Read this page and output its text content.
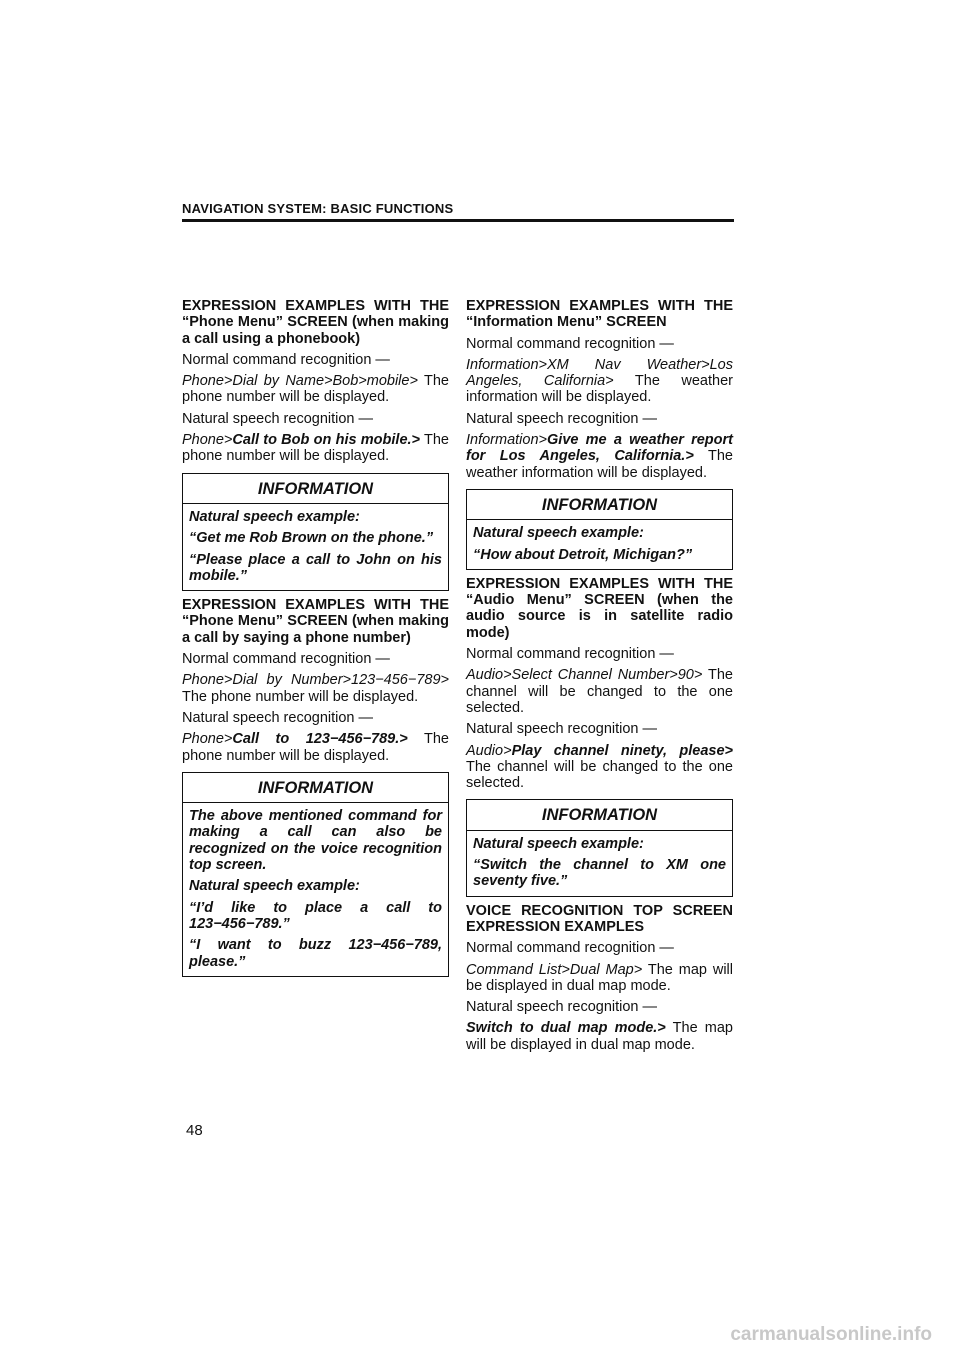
NAVIGATION SYSTEM: BASIC FUNCTIONS
EXPRESSION EXAMPLES WITH THE “Phone Menu” SCREEN (when making a call using a phonebook)
Normal command recognition —
Phone>Dial by Name>Bob>mobile> The phone number will be displayed.
Natural speech recognition —
Phone>Call to Bob on his mobile.> The phone number will be displayed.
INFORMATION
Natural speech example:
“Get me Rob Brown on the phone.”
“Please place a call to John on his mobile.”
EXPRESSION EXAMPLES WITH THE “Phone Menu” SCREEN (when making a call by saying a phone number)
Normal command recognition —
Phone>Dial by Number>123−456−789> The phone number will be displayed.
Natural speech recognition —
Phone>Call to 123−456−789.> The phone number will be displayed.
INFORMATION
The above mentioned command for making a call can also be recognized on the voice recognition top screen.
Natural speech example:
“I’d like to place a call to 123−456−789.”
“I want to buzz 123−456−789, please.”
EXPRESSION EXAMPLES WITH THE “Information Menu” SCREEN
Normal command recognition —
Information>XM Nav Weather>Los Angeles, California> The weather information will be displayed.
Natural speech recognition —
Information>Give me a weather report for Los Angeles, California.> The weather information will be displayed.
INFORMATION
Natural speech example:
“How about Detroit, Michigan?”
EXPRESSION EXAMPLES WITH THE “Audio Menu” SCREEN (when the audio source is in satellite radio mode)
Normal command recognition —
Audio>Select Channel Number>90> The channel will be changed to the one selected.
Natural speech recognition —
Audio>Play channel ninety, please> The channel will be changed to the one selected.
INFORMATION
Natural speech example:
“Switch the channel to XM one seventy five.”
VOICE RECOGNITION TOP SCREEN EXPRESSION EXAMPLES
Normal command recognition —
Command List>Dual Map> The map will be displayed in dual map mode.
Natural speech recognition —
Switch to dual map mode.> The map will be displayed in dual map mode.
48
carmanualsonline.info
